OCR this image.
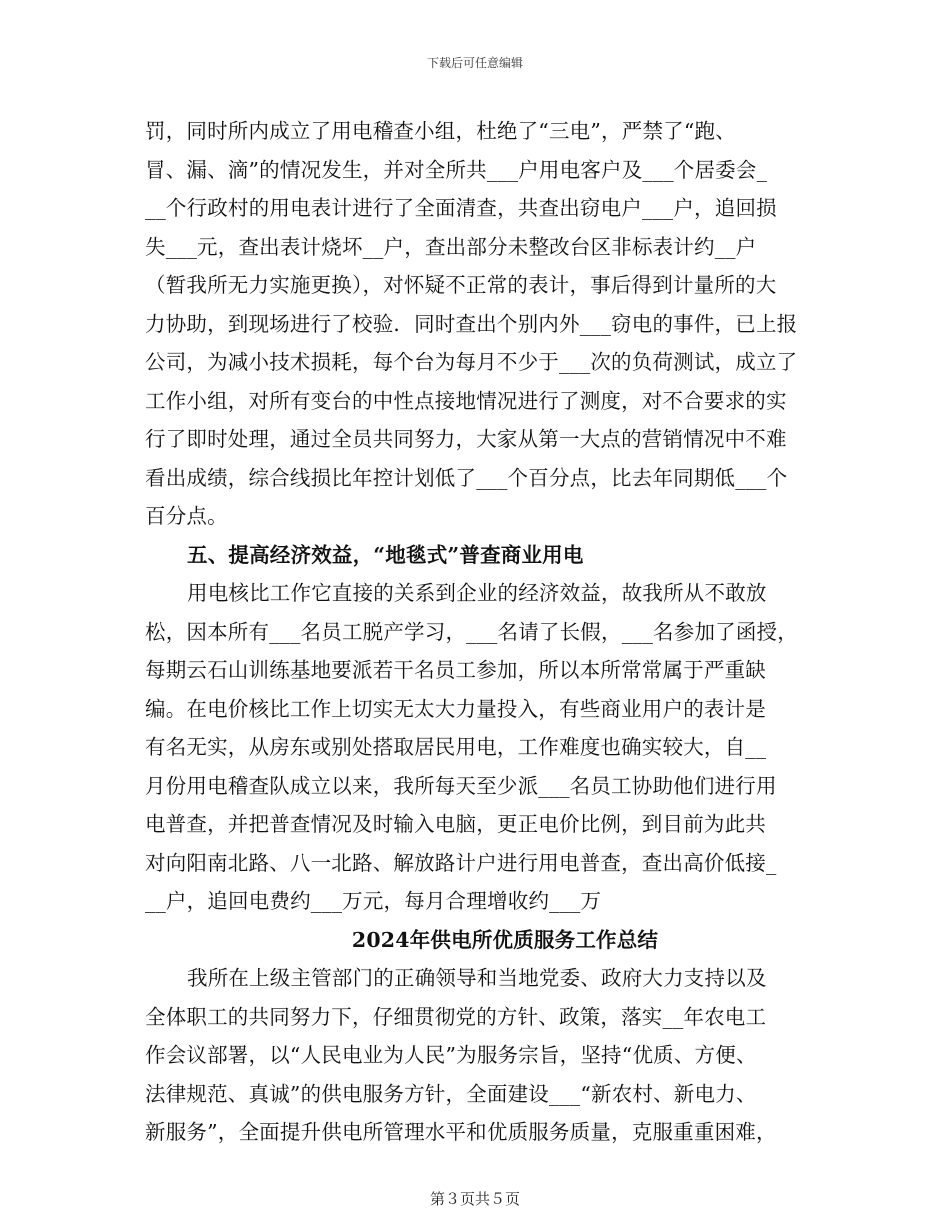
下载后可任意编辑
罚，同时所内成立了用电稽查小组，杜绝了“三电”，严禁了“跑、
冒、漏、滴”的情况发生，并对全所共___户用电客户及___个居委会_
__个行政村的用电表计进行了全面清查，共查出窃电户___户，追回损
失___元，查出表计烧坏__户，查出部分未整改台区非标表计约__户
（暂我所无力实施更换），对怀疑不正常的表计，事后得到计量所的大
力协助，到现场进行了校验．同时查出个别内外___窃电的事件，已上报
公司，为减小技术损耗，每个台为每月不少于___次的负荷测试，成立了
工作小组，对所有变台的中性点接地情况进行了测度，对不合要求的实
行了即时处理，通过全员共同努力，大家从第一大点的营销情况中不难
看出成绩，综合线损比年控计划低了___个百分点，比去年同期低___个
百分点。
五、提高经济效益，“地毯式”普查商业用电
用电核比工作它直接的关系到企业的经济效益，故我所从不敢放
松，因本所有___名员工脱产学习，___名请了长假，___名参加了函授，
每期云石山训练基地要派若干名员工参加，所以本所常常属于严重缺
编。在电价核比工作上切实无太大力量投入，有些商业用户的表计是
有名无实，从房东或别处搭取居民用电，工作难度也确实较大，自__
月份用电稽查队成立以来，我所每天至少派___名员工协助他们进行用
电普查，并把普查情况及时输入电脑，更正电价比例，到目前为此共
对向阳南北路、八一北路、解放路计户进行用电普查，查出高价低接_
__户，追回电费约___万元，每月合理增收约___万
2024年供电所优质服务工作总结
我所在上级主管部门的正确领导和当地党委、政府大力支持以及
全体职工的共同努力下，仔细贯彻党的方针、政策，落实__年农电工
作会议部署，以“人民电业为人民”为服务宗旨，坚持“优质、方便、
法律规范、真诚”的供电服务方针，全面建设___“新农村、新电力、
新服务”，全面提升供电所管理水平和优质服务质量，克服重重困难，
第３页共５页
